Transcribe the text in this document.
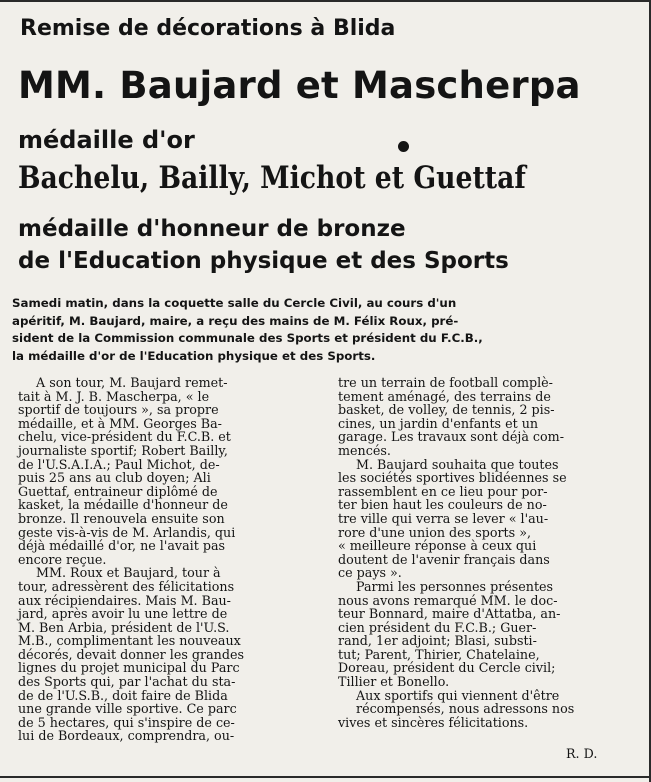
Remise de décorations à Blida
MM. Baujard et Mascherpa
médaille d'or
Bachelu, Bailly, Michot et Guettaf
médaille d'honneur de bronze
de l'Education physique et des Sports

Samedi matin, dans la coquette salle du Cercle Civil, au cours d'un

apéritif, M. Baujard, maire, a reçu des mains de M. Félix Roux, pré-

sident de la Commission communale des Sports et président du F.C.B.,

la médaille d'or de l'Education physique et des Sports.

A son tour, M. Baujard remet-

tait à M. J. B. Mascherpa, « le

sportif de toujours », sa propre

médaille, et à MM. Georges Ba-

chelu, vice-président du F.C.B. et

journaliste sportif; Robert Bailly,

de l'U.S.A.I.A.; Paul Michot, de-

puis 25 ans au club doyen; Ali

Guettaf, entraineur diplômé de

kasket, la médaille d'honneur de

bronze. Il renouvela ensuite son

geste vis-à-vis de M. Arlandis, qui

déjà médaillé d'or, ne l'avait pas

encore reçue.

MM. Roux et Baujard, tour à

tour, adressèrent des félicitations

aux récipiendaires. Mais M. Bau-

jard, après avoir lu une lettre de

M. Ben Arbia, président de l'U.S.

M.B., complimentant les nouveaux

décorés, devait donner les grandes

lignes du projet municipal du Parc

des Sports qui, par l'achat du sta-

de de l'U.S.B., doit faire de Blida

une grande ville sportive. Ce parc

de 5 hectares, qui s'inspire de ce-

lui de Bordeaux, comprendra, ou-

tre un terrain de football complè-

tement aménagé, des terrains de

basket, de volley, de tennis, 2 pis-

cines, un jardin d'enfants et un

garage. Les travaux sont déjà com-

mencés.

M. Baujard souhaita que toutes

les sociétés sportives blidéennes se

rassemblent en ce lieu pour por-

ter bien haut les couleurs de no-

tre ville qui verra se lever « l'au-

rore d'une union des sports »,

« meilleure réponse à ceux qui

doutent de l'avenir français dans

ce pays ».

Parmi les personnes présentes

nous avons remarqué MM. le doc-

teur Bonnard, maire d'Attatba, an-

cien président du F.C.B.; Guer-

rand, 1er adjoint; Blasi, substi-

tut; Parent, Thirier, Chatelaine,

Doreau, président du Cercle civil;

Tillier et Bonello.

Aux sportifs qui viennent d'être

récompensés, nous adressons nos

vives et sincères félicitations.

R. D.
